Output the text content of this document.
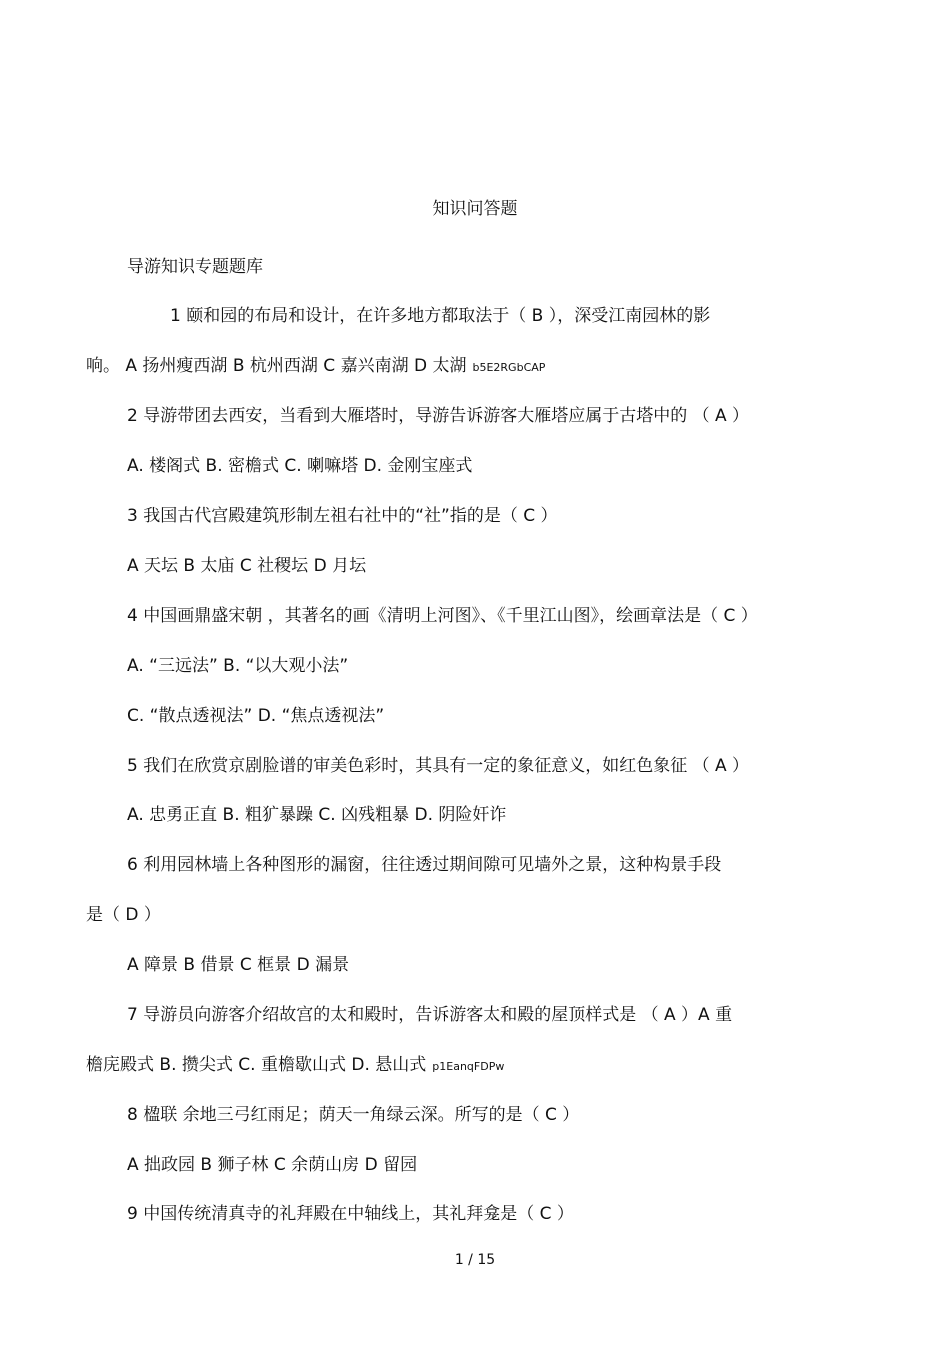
知识问答题
导游知识专题题库
1 颐和园的布局和设计，在许多地方都取法于（ B ），深受江南园林的影
响。 A 扬州瘦西湖 B 杭州西湖 C 嘉兴南湖 D 太湖 b5E2RGbCAP
2 导游带团去西安，当看到大雁塔时，导游告诉游客大雁塔应属于古塔中的 （ A ）
A. 楼阁式 B. 密檐式 C. 喇嘛塔 D. 金刚宝座式
3 我国古代宫殿建筑形制左祖右社中的“社”指的是（ C ）
A 天坛 B 太庙 C 社稷坛 D 月坛
4 中国画鼎盛宋朝 ，其著名的画《清明上河图》、《千里江山图》，绘画章法是（ C ）
A. “三远法” B. “以大观小法”
C. “散点透视法” D. “焦点透视法”
5 我们在欣赏京剧脸谱的审美色彩时，其具有一定的象征意义，如红色象征 （ A ）
A. 忠勇正直 B. 粗犷暴躁 C. 凶残粗暴 D. 阴险奸诈
6 利用园林墙上各种图形的漏窗，往往透过期间隙可见墙外之景，这种构景手段
是（ D ）
A 障景 B 借景 C 框景 D 漏景
7 导游员向游客介绍故宫的太和殿时，告诉游客太和殿的屋顶样式是 （ A ）A 重
檐庑殿式 B. 攒尖式 C. 重檐歇山式 D. 悬山式 p1EanqFDPw
8 楹联 余地三弓红雨足；荫天一角绿云深。所写的是（ C ）
A 拙政园 B 狮子林 C 余荫山房 D 留园
9 中国传统清真寺的礼拜殿在中轴线上，其礼拜龛是（ C ）
1 / 15
